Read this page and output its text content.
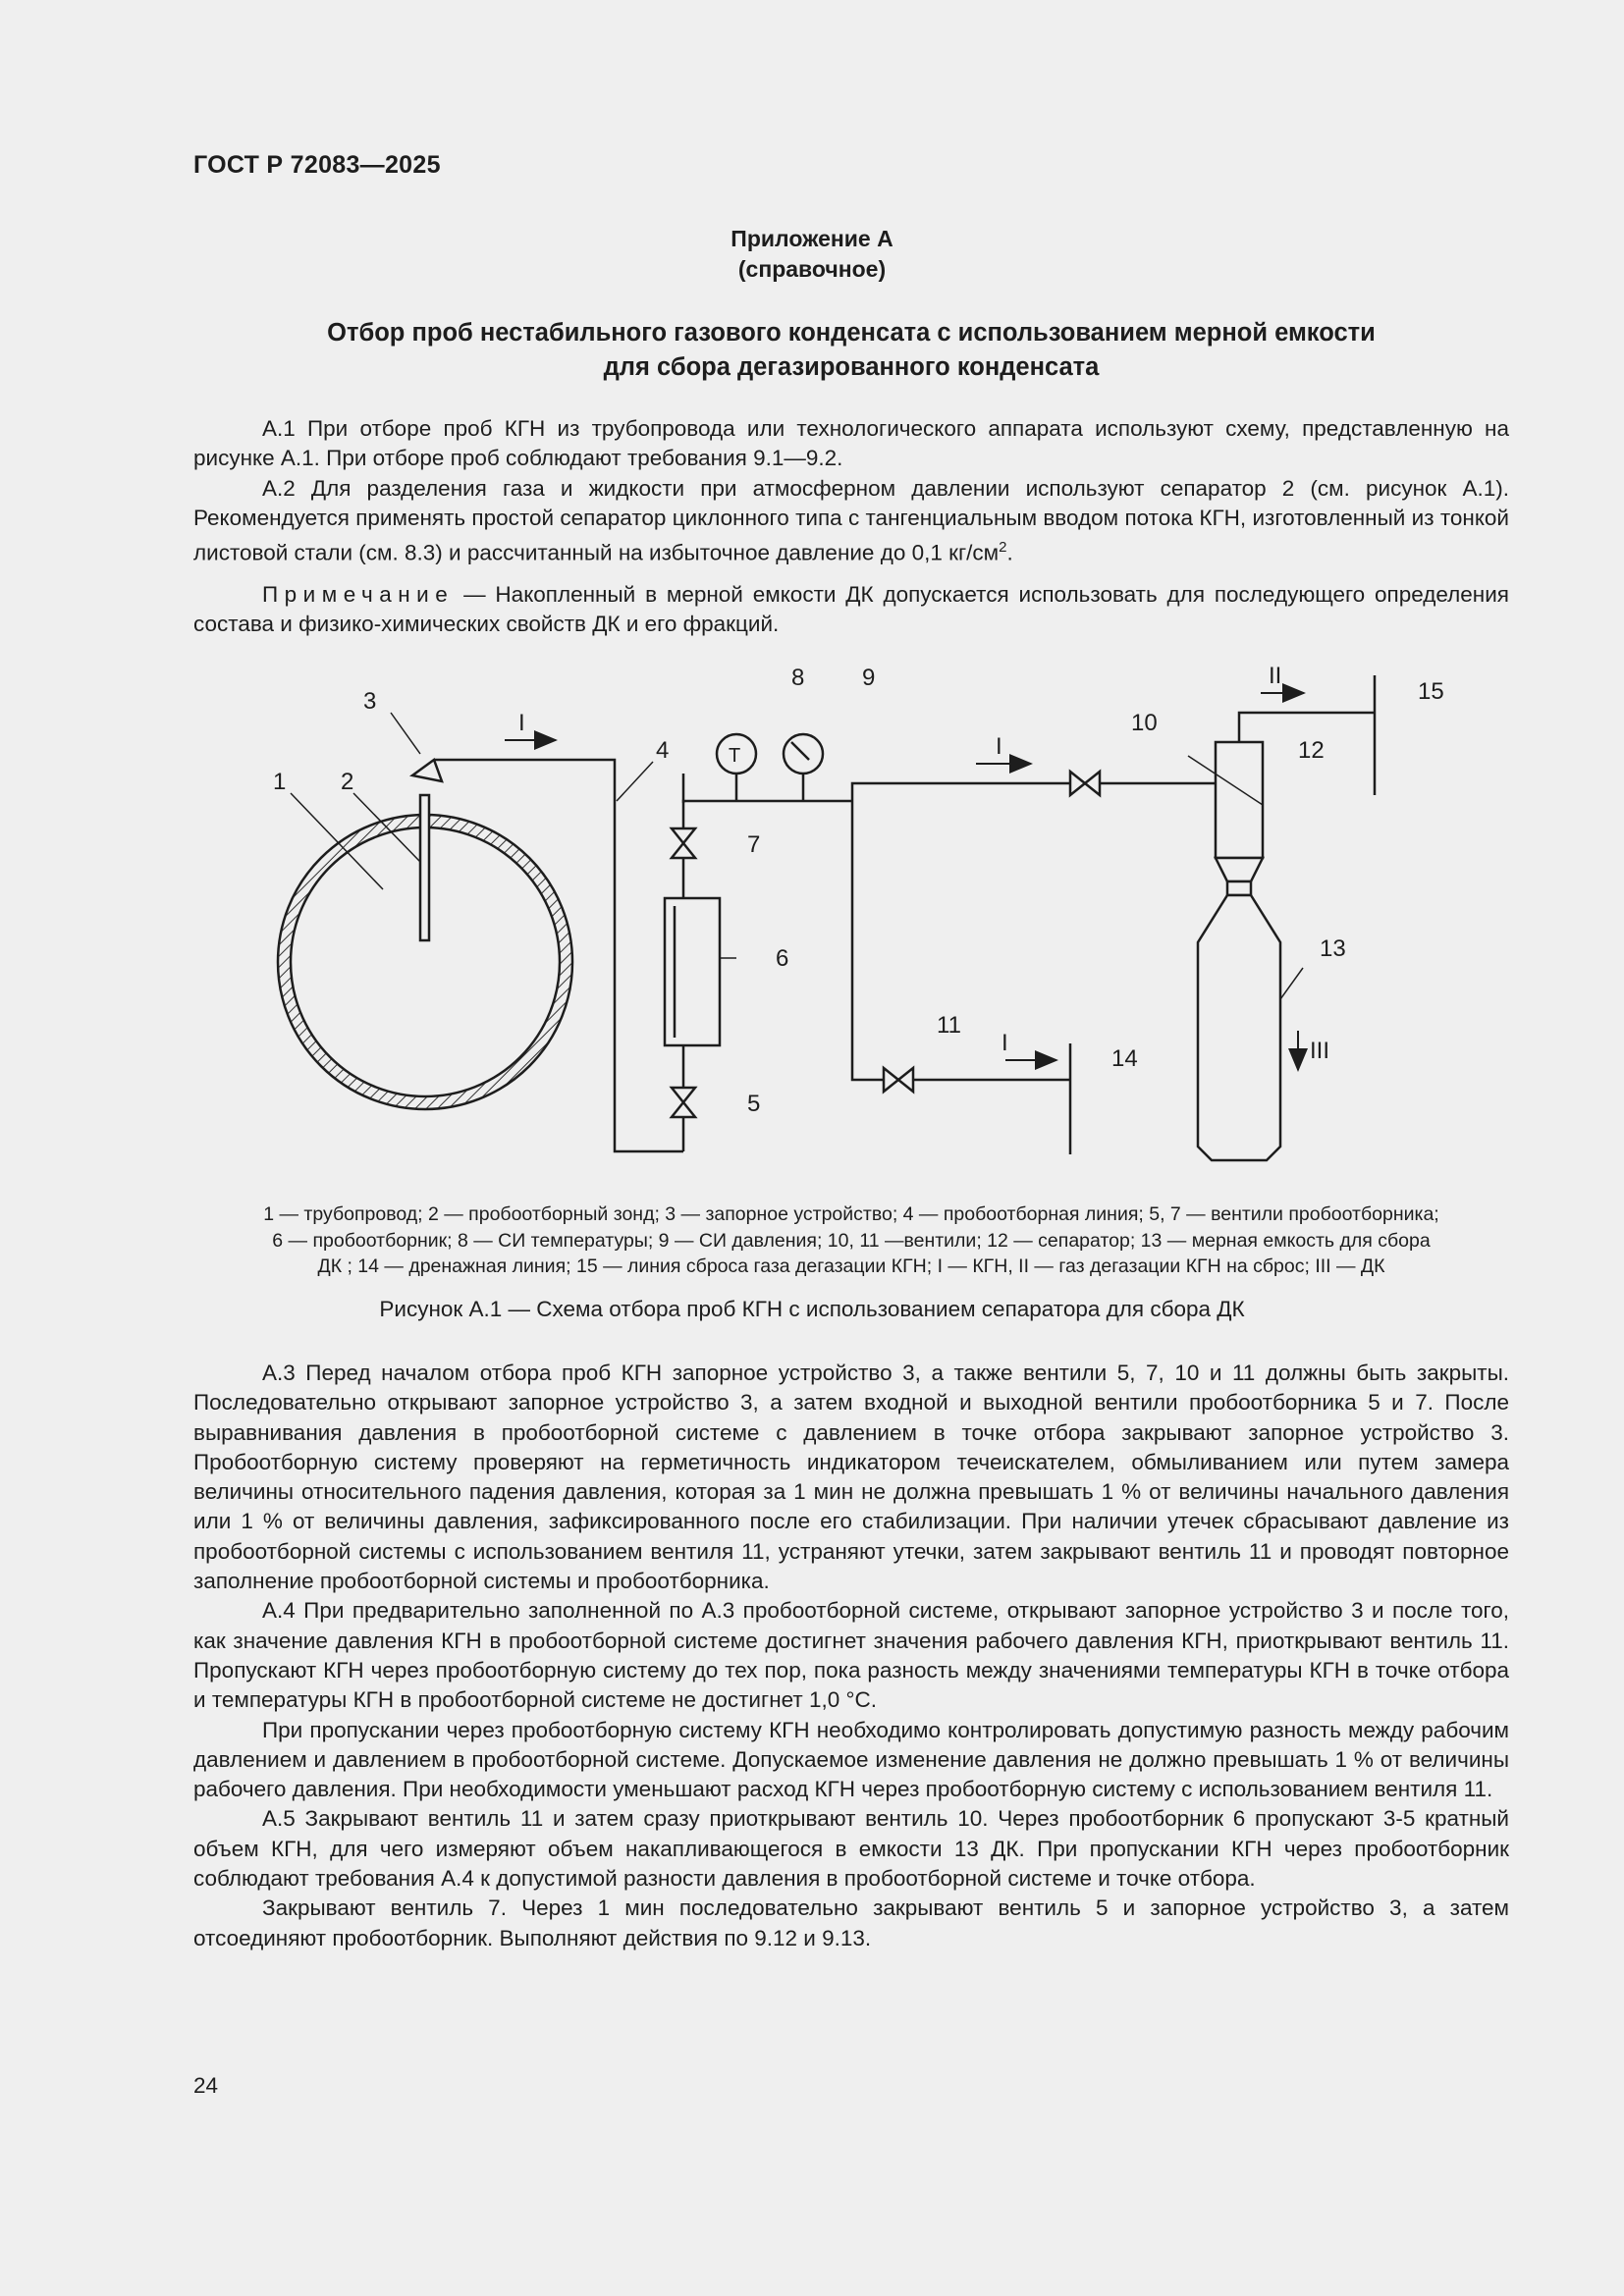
ГОСТ Р 72083—2025
Приложение А
(справочное)
Отбор проб нестабильного газового конденсата с использованием мерной емкости
для сбора дегазированного конденсата

А.1 При отборе проб КГН из трубопровода или технологического аппарата используют схему, представленную на рисунке А.1. При отборе проб соблюдают требования 9.1—9.2.

А.2 Для разделения газа и жидкости при атмосферном давлении используют сепаратор 2 (см. рисунок А.1). Рекомендуется применять простой сепаратор циклонного типа с тангенциальным вводом потока КГН, изготовленный из тонкой листовой стали (см. 8.3) и рассчитанный на избыточное давление до 0,1 $кг/см^2$.

Примечание — Накопленный в мерной емкости ДК допускается использовать для последующего определения состава и физико-химических свойств ДК и его фракций.

1 2
3
4
5
6
7
8 9
10
11
12
13
14
15
I
I
I
II
III
T
1 — трубопровод; 2 — пробоотборный зонд; 3 — запорное устройство; 4 — пробоотборная линия; 5, 7 — вентили пробоотборника;
6 — пробоотборник; 8 — СИ температуры; 9 — СИ давления; 10, 11 —вентили; 12 — сепаратор; 13 — мерная емкость для сбора
ДК ; 14 — дренажная линия; 15 — линия сброса газа дегазации КГН; I — КГН, II — газ дегазации КГН на сброс; III — ДК
Рисунок А.1 — Схема отбора проб КГН с использованием сепаратора для сбора ДК

А.3 Перед началом отбора проб КГН запорное устройство 3, а также вентили 5, 7, 10 и 11 должны быть закрыты. Последовательно открывают запорное устройство 3, а затем входной и выходной вентили пробоотборника 5 и 7. После выравнивания давления в пробоотборной системе с давлением в точке отбора закрывают запорное устройство 3. Пробоотборную систему проверяют на герметичность индикатором течеискателем, обмыливанием или путем замера величины относительного падения давления, которая за 1 мин не должна превышать 1 % от величины начального давления или 1 % от величины давления, зафиксированного после его стабилизации. При наличии утечек сбрасывают давление из пробоотборной системы с использованием вентиля 11, устраняют утечки, затем закрывают вентиль 11 и проводят повторное заполнение пробоотборной системы и пробоотборника.

А.4 При предварительно заполненной по А.3 пробоотборной системе, открывают запорное устройство 3 и после того, как значение давления КГН в пробоотборной системе достигнет значения рабочего давления КГН, приоткрывают вентиль 11. Пропускают КГН через пробоотборную систему до тех пор, пока разность между значениями температуры КГН в точке отбора и температуры КГН в пробоотборной системе не достигнет 1,0 °С.

При пропускании через пробоотборную систему КГН необходимо контролировать допустимую разность между рабочим давлением и давлением в пробоотборной системе. Допускаемое изменение давления не должно превышать 1 % от величины рабочего давления. При необходимости уменьшают расход КГН через пробоотборную систему с использованием вентиля 11.

А.5 Закрывают вентиль 11 и затем сразу приоткрывают вентиль 10. Через пробоотборник 6 пропускают 3-5 кратный объем КГН, для чего измеряют объем накапливающегося в емкости 13 ДК. При пропускании КГН через пробоотборник соблюдают требования А.4 к допустимой разности давления в пробоотборной системе и точке отбора.

Закрывают вентиль 7. Через 1 мин последовательно закрывают вентиль 5 и запорное устройство 3, а затем отсоединяют пробоотборник. Выполняют действия по 9.12 и 9.13.

24
